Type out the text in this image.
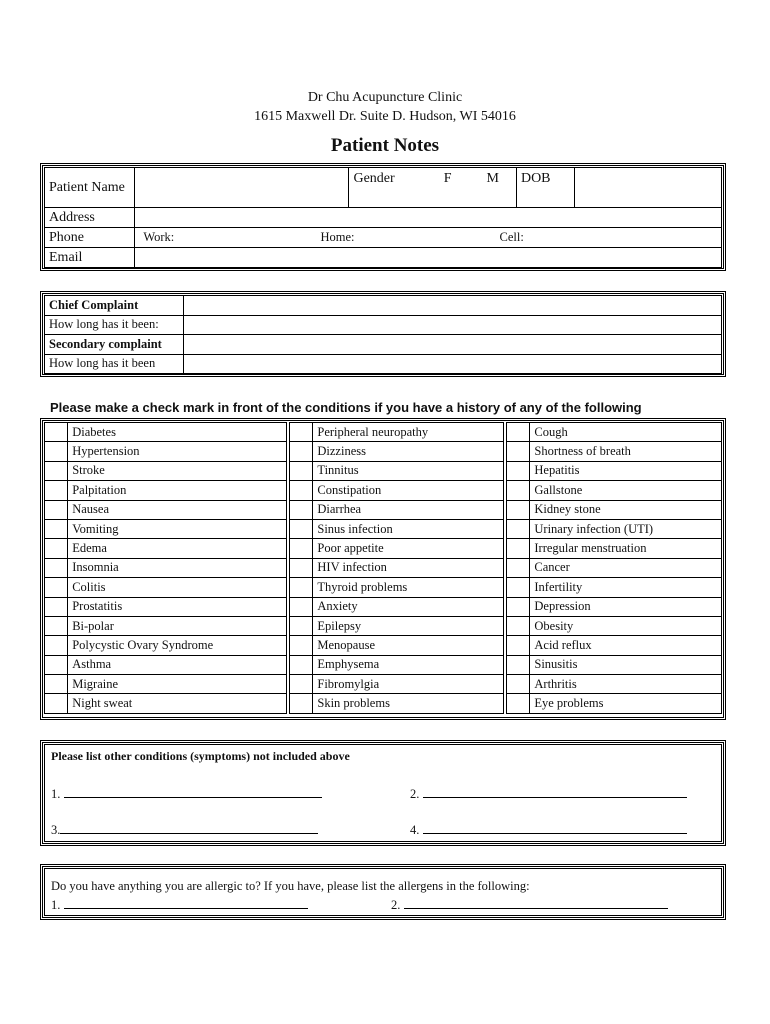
Dr Chu Acupuncture Clinic
1615 Maxwell Dr. Suite D. Hudson, WI 54016
Patient Notes
Patient Name		Gender F M	DOB	
Address				
Phone	Work: Home: Cell:			

Email				
Chief Complaint	
How long has it been:	
Secondary complaint	
How long has it been	
Please make a check mark in front of the conditions if you have a history of any of the following
	Diabetes			Peripheral neuropathy			Cough
	Hypertension			Dizziness			Shortness of breath
	Stroke			Tinnitus			Hepatitis
	Palpitation			Constipation			Gallstone
	Nausea			Diarrhea			Kidney stone
	Vomiting			Sinus infection			Urinary infection (UTI)
	Edema			Poor appetite			Irregular menstruation
	Insomnia			HIV infection			Cancer
	Colitis			Thyroid problems			Infertility
	Prostatitis			Anxiety			Depression
	Bi-polar			Epilepsy			Obesity
	Polycystic Ovary Syndrome			Menopause			Acid reflux
	Asthma			Emphysema			Sinusitis
	Migraine			Fibromylgia			Arthritis
	Night sweat			Skin problems			Eye problems
Please list other conditions (symptoms) not included above
1.	2.
3.	4.
Do you have anything you are allergic to? If you have, please list the allergens in the following:
1.	2.
